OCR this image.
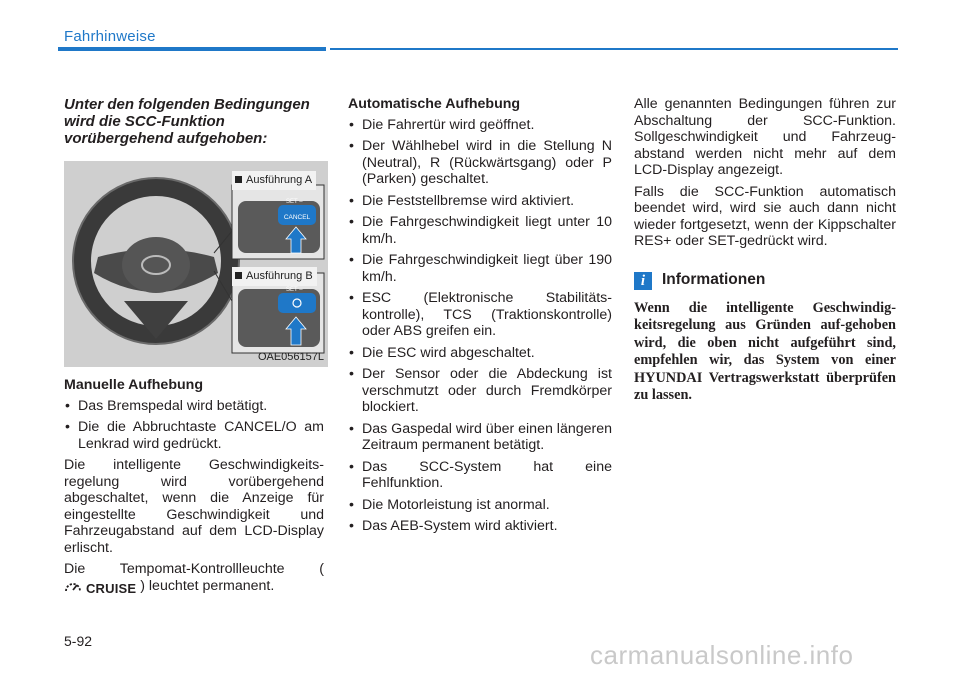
Fahrhinweise
Unter den folgenden Bedingungen wird die SCC-Funktion vorübergehend aufgehoben:
CANCEL
SET –
SET –
Ausführung A
Ausführung B
OAE056157L
Manuelle Aufhebung
• Das Bremspedal wird betätigt.
• Die die Abbruchtaste CANCEL/O am Lenkrad wird gedrückt.

Die intelligente Geschwindigkeits-regelung wird vorübergehend abgeschaltet, wenn die Anzeige für eingestellte Geschwindigkeit und Fahrzeugabstand auf dem LCD-Display erlischt.

Die Tempomat-Kontrollleuchte (  CRUISE ) leuchtet permanent.

Automatische Aufhebung
• Die Fahrertür wird geöffnet.
• Der Wählhebel wird in die Stellung N (Neutral), R (Rückwärtsgang) oder P (Parken) geschaltet.
• Die Feststellbremse wird aktiviert.
• Die Fahrgeschwindigkeit liegt unter 10 km/h.
• Die Fahrgeschwindigkeit liegt über 190 km/h.
• ESC (Elektronische Stabilitäts-kontrolle), TCS (Traktionskontrolle) oder ABS greifen ein.
• Die ESC wird abgeschaltet.
• Der Sensor oder die Abdeckung ist verschmutzt oder durch Fremdkörper blockiert.
• Das Gaspedal wird über einen längeren Zeitraum permanent betätigt.
• Das SCC-System hat eine Fehlfunktion.
• Die Motorleistung ist anormal.
• Das AEB-System wird aktiviert.

Alle genannten Bedingungen führen zur Abschaltung der SCC-Funktion. Sollgeschwindigkeit und Fahrzeug-abstand werden nicht mehr auf dem LCD-Display angezeigt.

Falls die SCC-Funktion automatisch beendet wird, wird sie auch dann nicht wieder fortgesetzt, wenn der Kippschalter RES+ oder SET-gedrückt wird.

i	Informationen
Wenn die intelligente Geschwindig-keitsregelung aus Gründen auf-gehoben wird, die oben nicht aufgeführt sind, empfehlen wir, das System von einer HYUNDAI Vertragswerkstatt überprüfen zu lassen.
5-92	carmanualsonline.info
